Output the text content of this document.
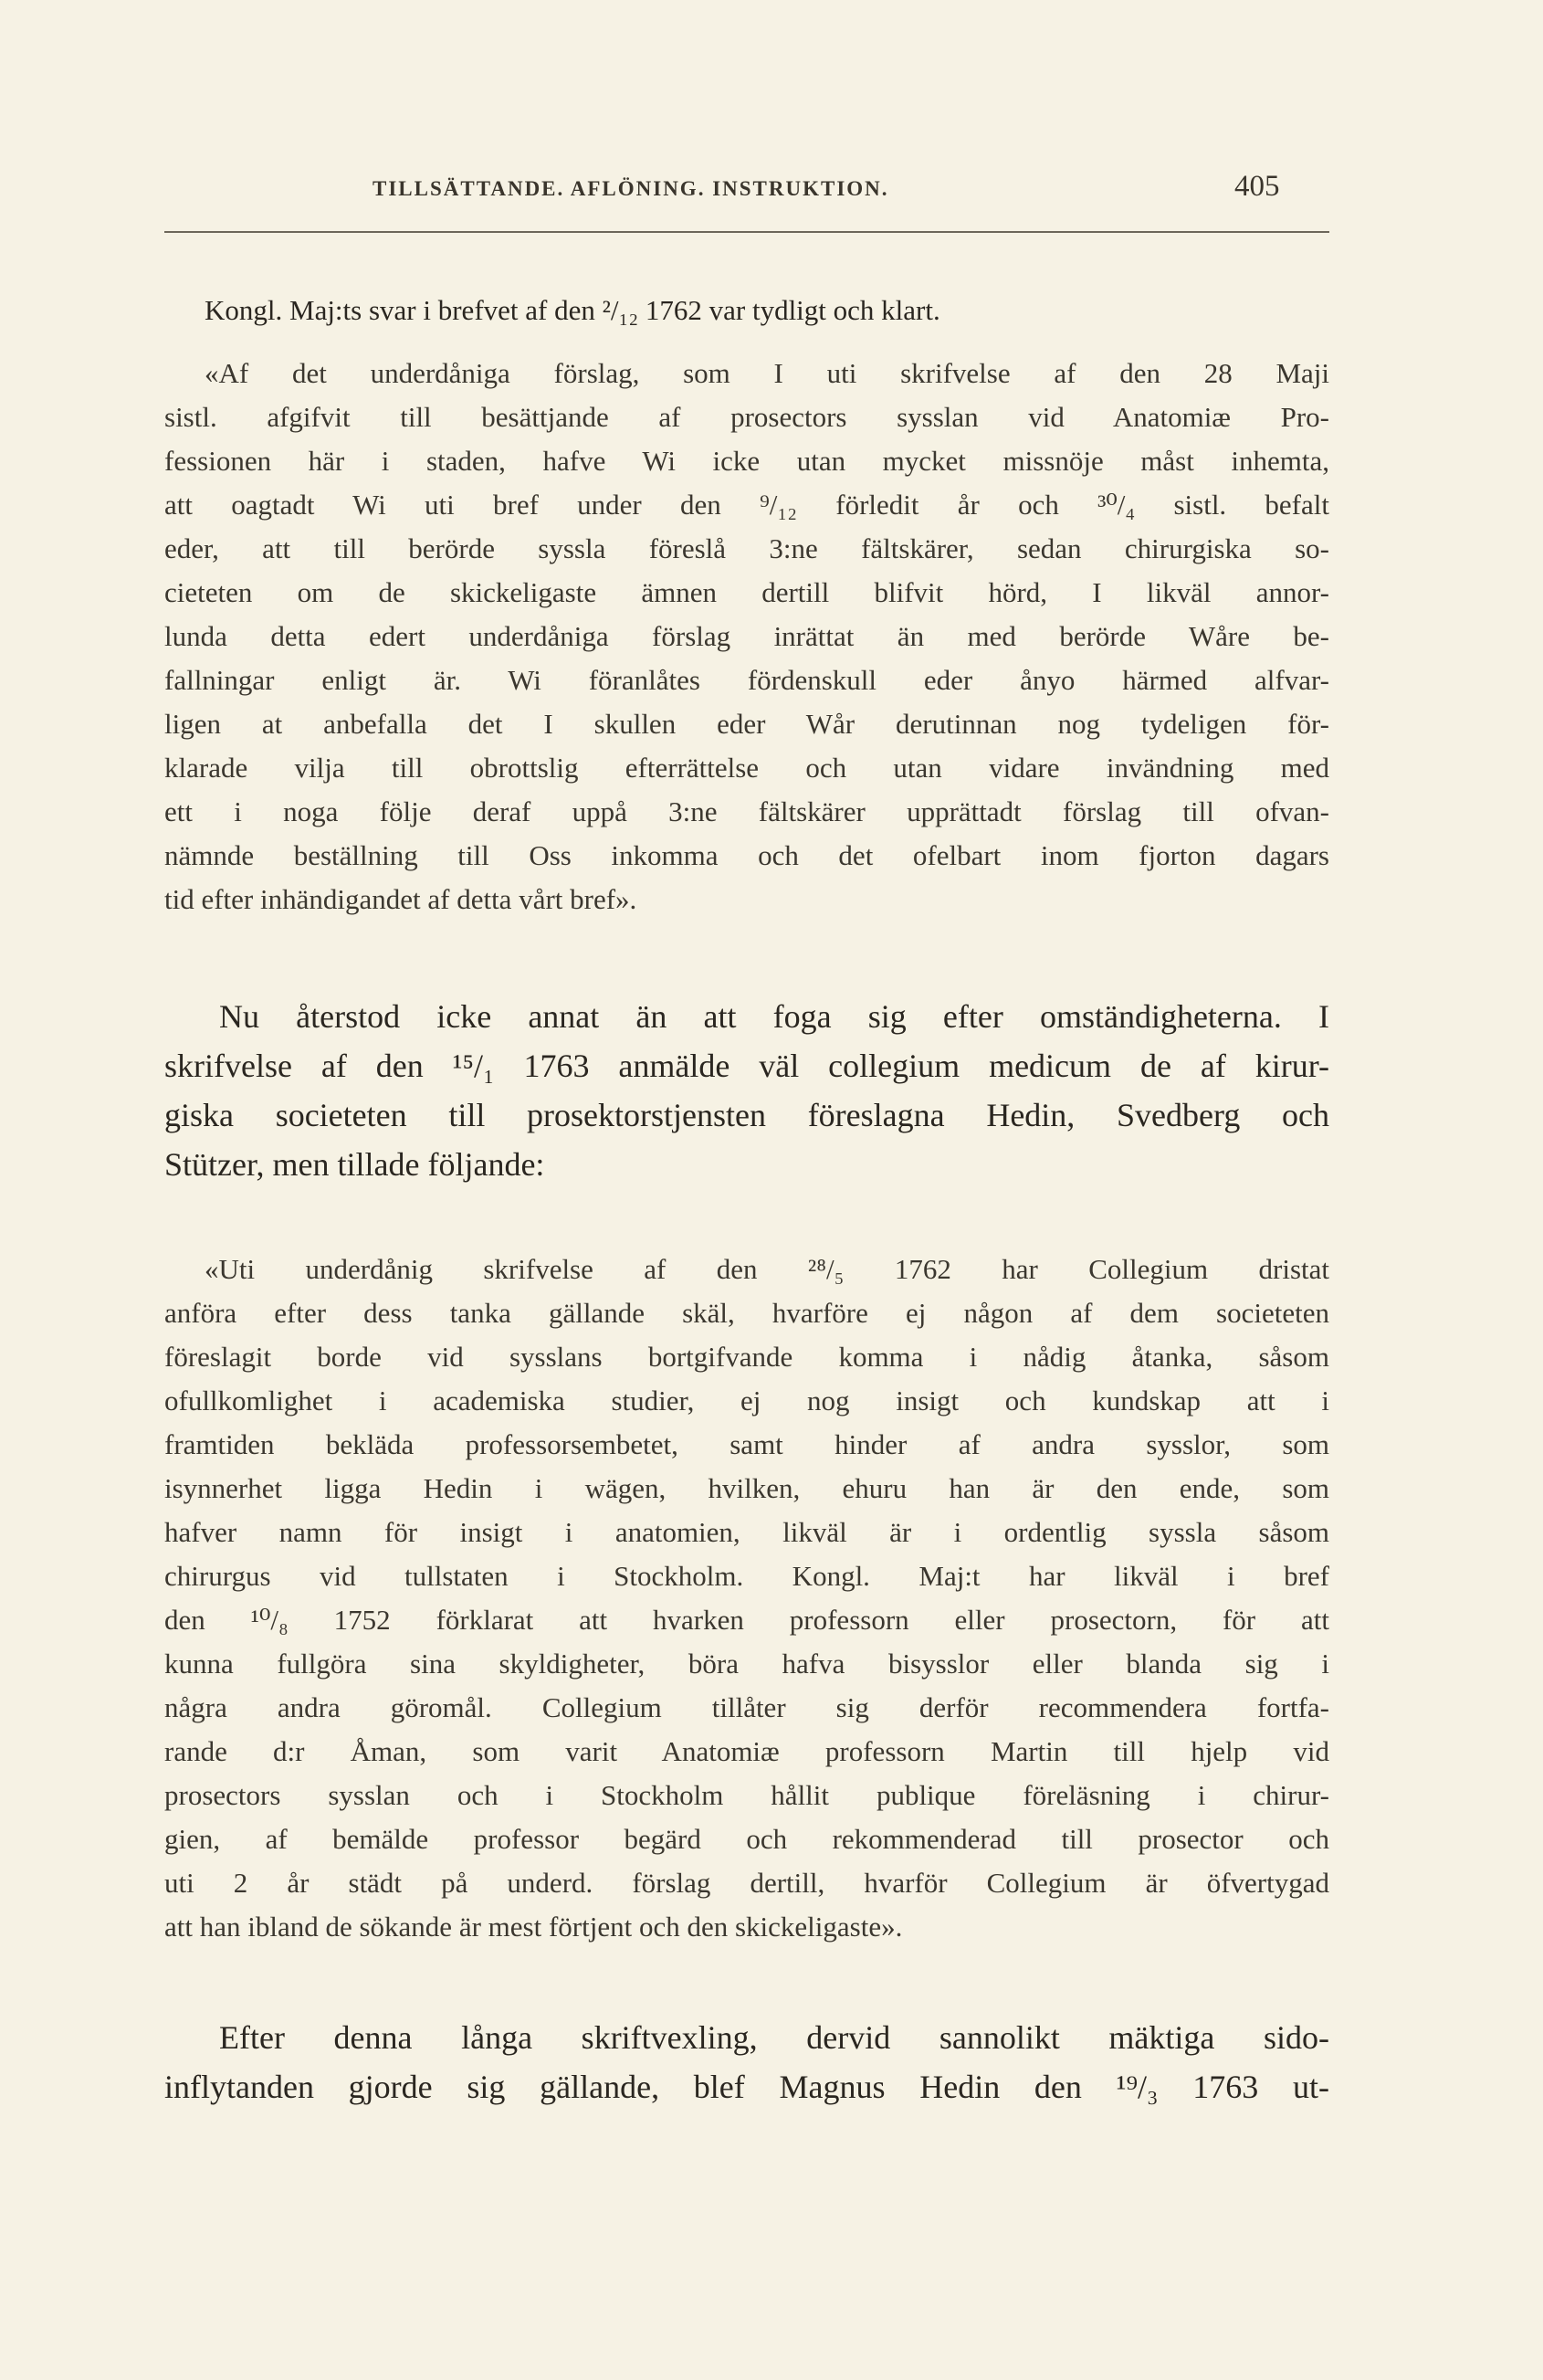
TILLSÄTTANDE. AFLÖNING. INSTRUKTION.	405
Kongl. Maj:ts svar i brefvet af den ²/₁₂ 1762 var tydligt och klart.
«Af det underdåniga förslag, som I uti skrifvelse af den 28 Maji
sistl. afgifvit till besättjande af prosectors sysslan vid Anatomiæ Pro-
fessionen här i staden, hafve Wi icke utan mycket missnöje måst inhemta,
att oagtadt Wi uti bref under den ⁹/₁₂ förledit år och ³⁰/₄ sistl. befalt
eder, att till berörde syssla föreslå 3:ne fältskärer, sedan chirurgiska so-
cieteten om de skickeligaste ämnen dertill blifvit hörd, I likväl annor-
lunda detta edert underdåniga förslag inrättat än med berörde Wåre be-
fallningar enligt är. Wi föranlåtes fördenskull eder ånyo härmed alfvar-
ligen at anbefalla det I skullen eder Wår derutinnan nog tydeligen för-
klarade vilja till obrottslig efterrättelse och utan vidare invändning med
ett i noga följe deraf uppå 3:ne fältskärer upprättadt förslag till ofvan-
nämnde beställning till Oss inkomma och det ofelbart inom fjorton dagars
tid efter inhändigandet af detta vårt bref».
Nu återstod icke annat än att foga sig efter omständigheterna. I
skrifvelse af den ¹⁵/₁ 1763 anmälde väl collegium medicum de af kirur-
giska societeten till prosektorstjensten föreslagna Hedin, Svedberg och
Stützer, men tillade följande:
«Uti underdånig skrifvelse af den ²⁸/₅ 1762 har Collegium dristat
anföra efter dess tanka gällande skäl, hvarföre ej någon af dem societeten
föreslagit borde vid sysslans bortgifvande komma i nådig åtanka, såsom
ofullkomlighet i academiska studier, ej nog insigt och kundskap att i
framtiden bekläda professorsembetet, samt hinder af andra sysslor, som
isynnerhet ligga Hedin i wägen, hvilken, ehuru han är den ende, som
hafver namn för insigt i anatomien, likväl är i ordentlig syssla såsom
chirurgus vid tullstaten i Stockholm. Kongl. Maj:t har likväl i bref
den ¹⁰/₈ 1752 förklarat att hvarken professorn eller prosectorn, för att
kunna fullgöra sina skyldigheter, böra hafva bisysslor eller blanda sig i
några andra göromål. Collegium tillåter sig derför recommendera fortfa-
rande d:r Åman, som varit Anatomiæ professorn Martin till hjelp vid
prosectors sysslan och i Stockholm hållit publique föreläsning i chirur-
gien, af bemälde professor begärd och rekommenderad till prosector och
uti 2 år städt på underd. förslag dertill, hvarför Collegium är öfvertygad
att han ibland de sökande är mest förtjent och den skickeligaste».
Efter denna långa skriftvexling, dervid sannolikt mäktiga sido-
inflytanden gjorde sig gällande, blef Magnus Hedin den ¹⁹/₃ 1763 ut-
